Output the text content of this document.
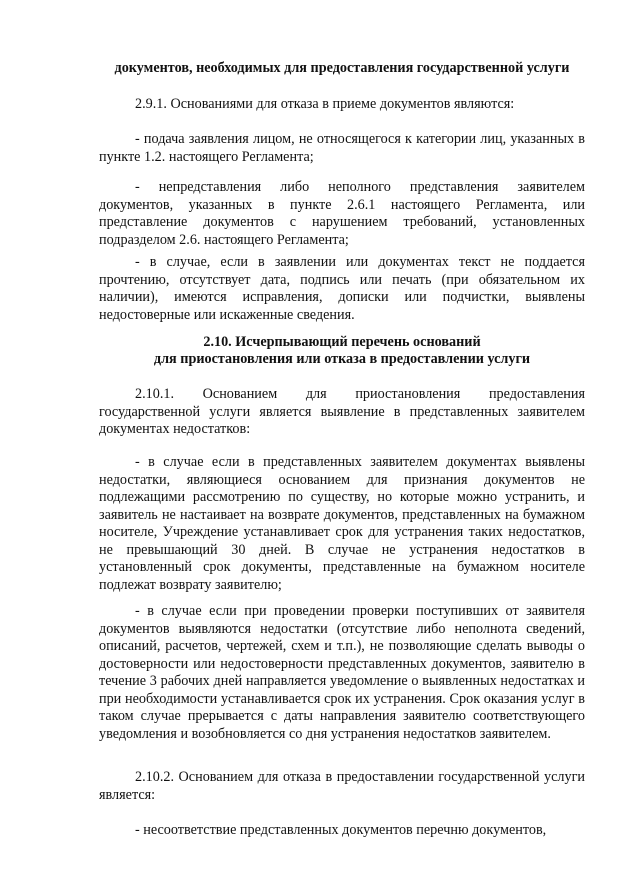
документов, необходимых для предоставления государственной услуги

2.9.1. Основаниями для отказа в приеме документов являются:

- подача заявления лицом, не относящегося к категории лиц, указанных в пункте 1.2. настоящего Регламента;

- непредставления либо неполного представления заявителем документов, указанных в пункте 2.6.1 настоящего Регламента, или представление документов с нарушением требований, установленных подразделом 2.6. настоящего Регламента;

- в случае, если в заявлении или документах текст не поддается прочтению, отсутствует дата, подпись или печать (при обязательном их наличии), имеются исправления, дописки или подчистки, выявлены недостоверные или искаженные сведения.

2.10. Исчерпывающий перечень оснований

для приостановления или отказа в предоставлении услуги

2.10.1. Основанием для приостановления предоставления государственной услуги является выявление в представленных заявителем документах недостатков:

- в случае если в представленных заявителем документах выявлены недостатки, являющиеся основанием для признания документов не подлежащими рассмотрению по существу, но которые можно устранить, и заявитель не настаивает на возврате документов, представленных на бумажном носителе, Учреждение устанавливает срок для устранения таких недостатков, не превышающий 30 дней. В случае не устранения недостатков в установленный срок документы, представленные на бумажном носителе подлежат возврату заявителю;

- в случае если при проведении проверки поступивших от заявителя документов выявляются недостатки (отсутствие либо неполнота сведений, описаний, расчетов, чертежей, схем и т.п.), не позволяющие сделать выводы о достоверности или недостоверности представленных документов, заявителю в течение 3 рабочих дней направляется уведомление о выявленных недостатках и при необходимости устанавливается срок их устранения. Срок оказания услуг в таком случае прерывается с даты направления заявителю соответствующего уведомления и возобновляется со дня устранения недостатков заявителем.

2.10.2. Основанием для отказа в предоставлении государственной услуги является:

- несоответствие представленных документов перечню документов,
